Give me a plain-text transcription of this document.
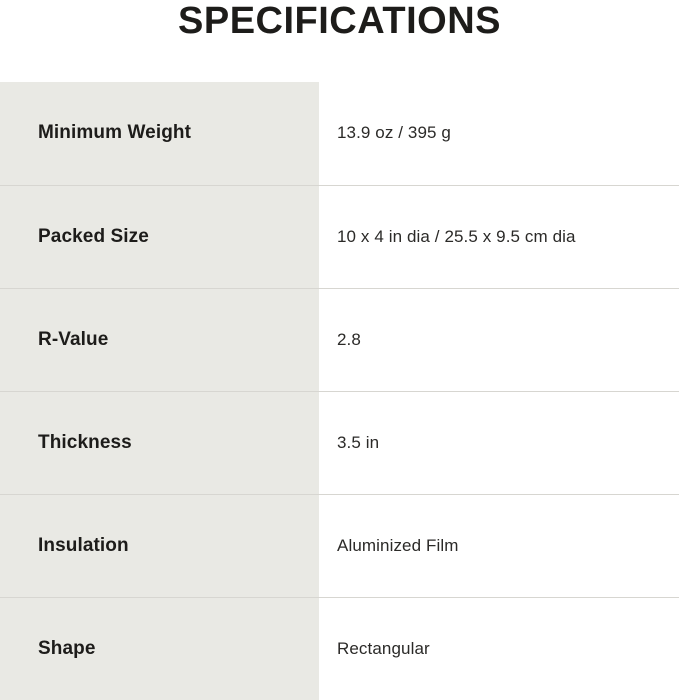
SPECIFICATIONS
Minimum Weight	13.9 oz / 395 g
Packed Size	10 x 4 in dia / 25.5 x 9.5 cm dia
R-Value	2.8
Thickness	3.5 in
Insulation	Aluminized Film
Shape	Rectangular
